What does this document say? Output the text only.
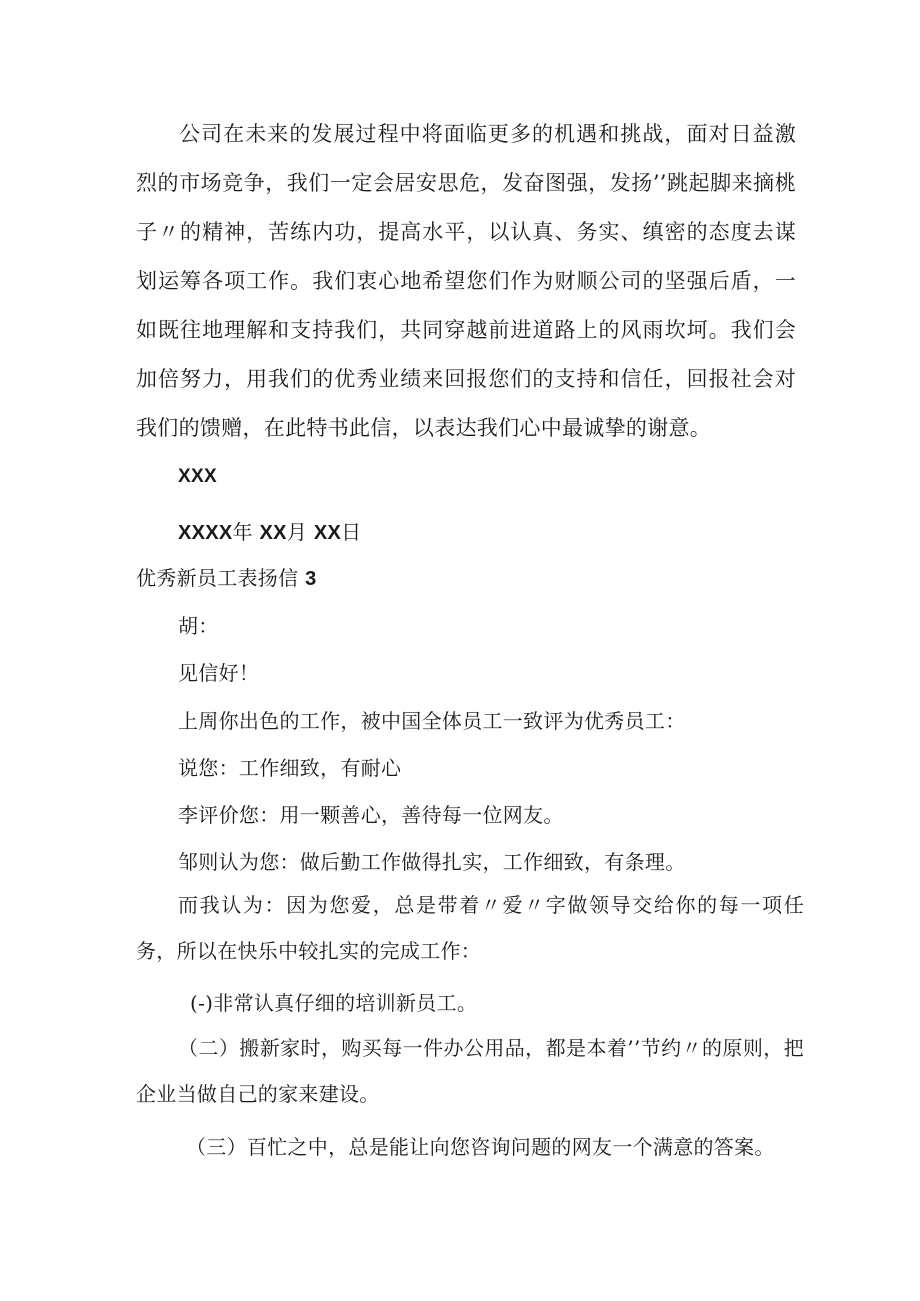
公司在未来的发展过程中将面临更多的机遇和挑战，面对日益激烈的市场竞争，我们一定会居安思危，发奋图强，发扬’’跳起脚来摘桃子〃的精神，苦练内功，提高水平，以认真、务实、缜密的态度去谋划运筹各项工作。我们衷心地希望您们作为财顺公司的坚强后盾，一如既往地理解和支持我们，共同穿越前进道路上的风雨坎坷。我们会加倍努力，用我们的优秀业绩来回报您们的支持和信任，回报社会对我们的馈赠，在此特书此信，以表达我们心中最诚挚的谢意。
XXX
XXXX年 XX月 XX日
优秀新员工表扬信 3
胡：
见信好！
上周你出色的工作，被中国全体员工一致评为优秀员工：
说您：工作细致，有耐心
李评价您：用一颗善心，善待每一位网友。
邹则认为您：做后勤工作做得扎实，工作细致，有条理。
而我认为：因为您爱，总是带着〃爱〃字做领导交给你的每一项任务，所以在快乐中较扎实的完成工作：
(-)非常认真仔细的培训新员工。
（二）搬新家时，购买每一件办公用品，都是本着’’节约〃的原则，把企业当做自己的家来建设。
（三）百忙之中，总是能让向您咨询问题的网友一个满意的答案。
